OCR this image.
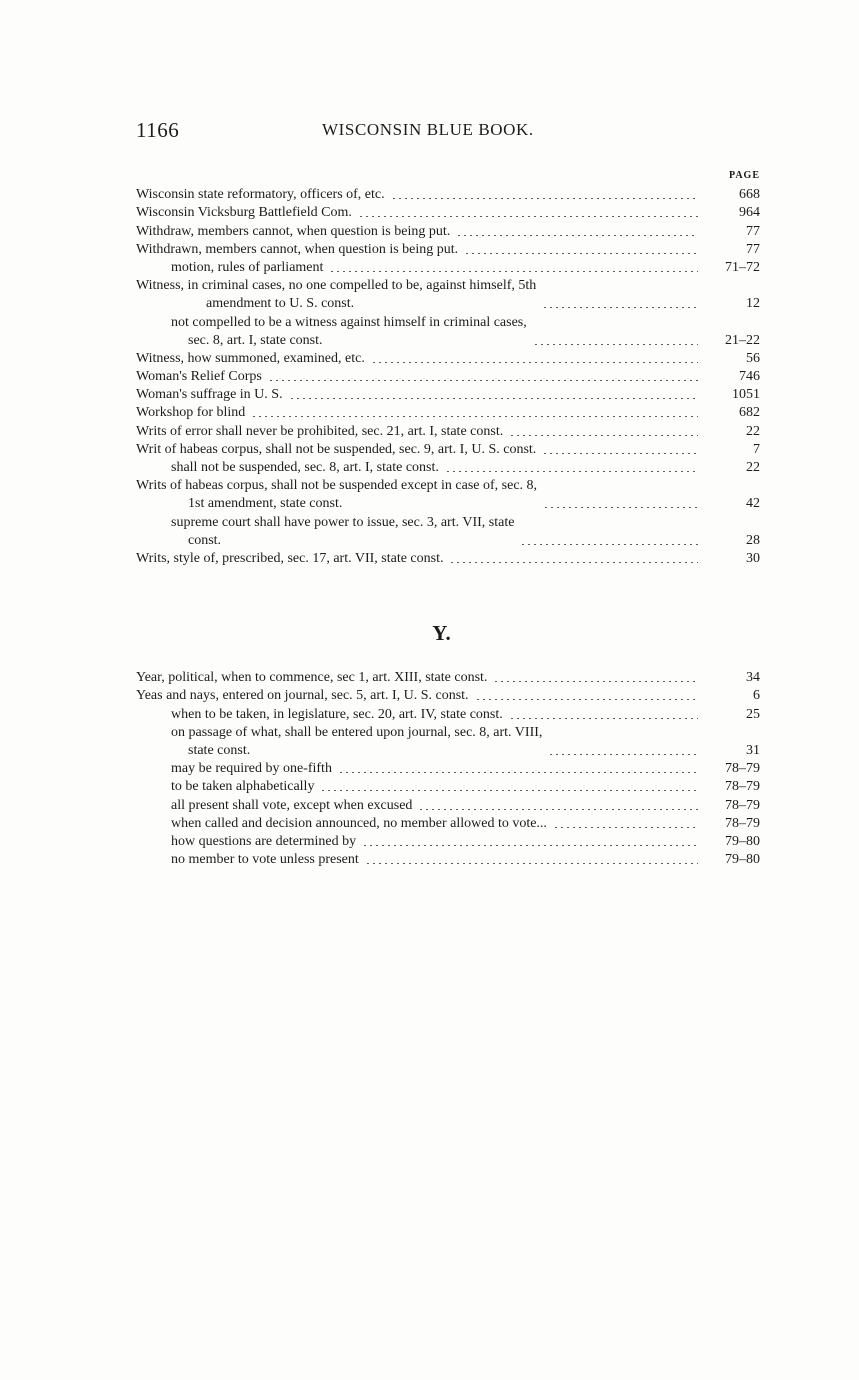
1166	WISCONSIN BLUE BOOK.
PAGE
Wisconsin state reformatory, officers of, etc.	668
Wisconsin Vicksburg Battlefield Com.	964
Withdraw, members cannot, when question is being put.	77
Withdrawn, members cannot, when question is being put.	77
motion, rules of parliament	71–72
Witness, in criminal cases, no one compelled to be, against himself, 5th
amendment to U. S. const.	12
not compelled to be a witness against himself in criminal cases,
sec. 8, art. I, state const.	21–22
Witness, how summoned, examined, etc.	56
Woman's Relief Corps	746
Woman's suffrage in U. S.	1051
Workshop for blind	682
Writs of error shall never be prohibited, sec. 21, art. I, state const.	22
Writ of habeas corpus, shall not be suspended, sec. 9, art. I, U. S. const.	7
shall not be suspended, sec. 8, art. I, state const.	22
Writs of habeas corpus, shall not be suspended except in case of, sec. 8,
1st amendment, state const.	42
supreme court shall have power to issue, sec. 3, art. VII, state
const.	28
Writs, style of, prescribed, sec. 17, art. VII, state const.	30
Y.
Year, political, when to commence, sec 1, art. XIII, state const.	34
Yeas and nays, entered on journal, sec. 5, art. I, U. S. const.	6
when to be taken, in legislature, sec. 20, art. IV, state const.	25
on passage of what, shall be entered upon journal, sec. 8, art. VIII,
state const.	31
may be required by one-fifth	78–79
to be taken alphabetically	78–79
all present shall vote, except when excused	78–79
when called and decision announced, no member allowed to vote...	78–79
how questions are determined by	79–80
no member to vote unless present	79–80
